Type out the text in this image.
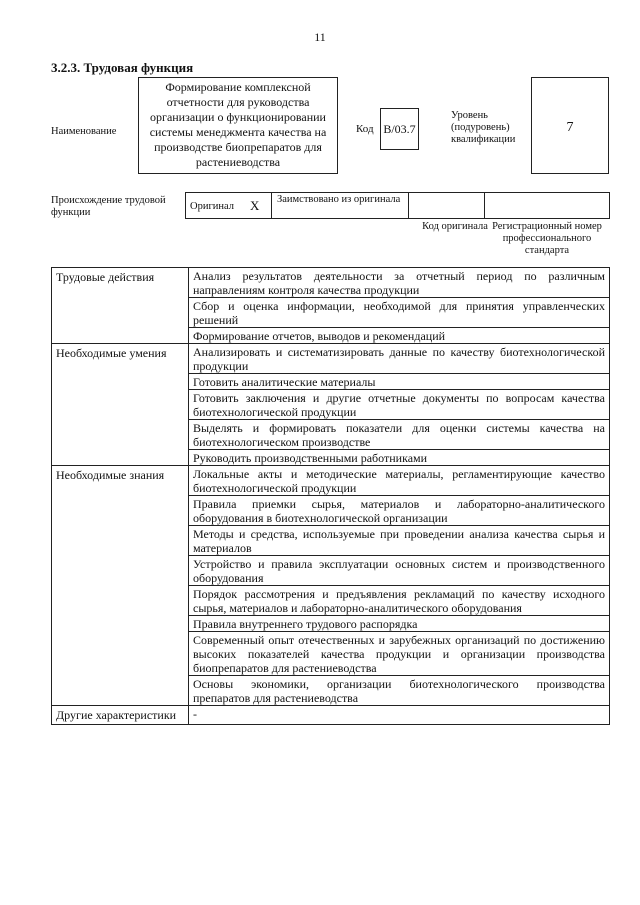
11
3.2.3. Трудовая функция
Наименование
Формирование комплексной отчетности для руководства организации о функционировании системы менеджмента качества на производстве биопрепаратов для растениеводства
Код B/03.7
Уровень (подуровень) квалификации
7
Происхождение трудовой функции
Оригинал X Заимствовано из оригинала
Код оригинала Регистрационный номер профессионального стандарта
Трудовые действия	Анализ результатов деятельности за отчетный период по различным направлениям контроля качества продукции
	Сбор и оценка информации, необходимой для принятия управленческих решений
	Формирование отчетов, выводов и рекомендаций
Необходимые умения	Анализировать и систематизировать данные по качеству биотехнологической продукции
	Готовить аналитические материалы
	Готовить заключения и другие отчетные документы по вопросам качества биотехнологической продукции
	Выделять и формировать показатели для оценки системы качества на биотехнологическом производстве
	Руководить производственными работниками
Необходимые знания	Локальные акты и методические материалы, регламентирующие качество биотехнологической продукции
	Правила приемки сырья, материалов и лабораторно-аналитического оборудования в биотехнологической организации
	Методы и средства, используемые при проведении анализа качества сырья и материалов
	Устройство и правила эксплуатации основных систем и производственного оборудования
	Порядок рассмотрения и предъявления рекламаций по качеству исходного сырья, материалов и лабораторно-аналитического оборудования
	Правила внутреннего трудового распорядка
	Современный опыт отечественных и зарубежных организаций по достижению высоких показателей качества продукции и организации производства биопрепаратов для растениеводства
	Основы экономики, организации биотехнологического производства препаратов для растениеводства
Другие характеристики	-
